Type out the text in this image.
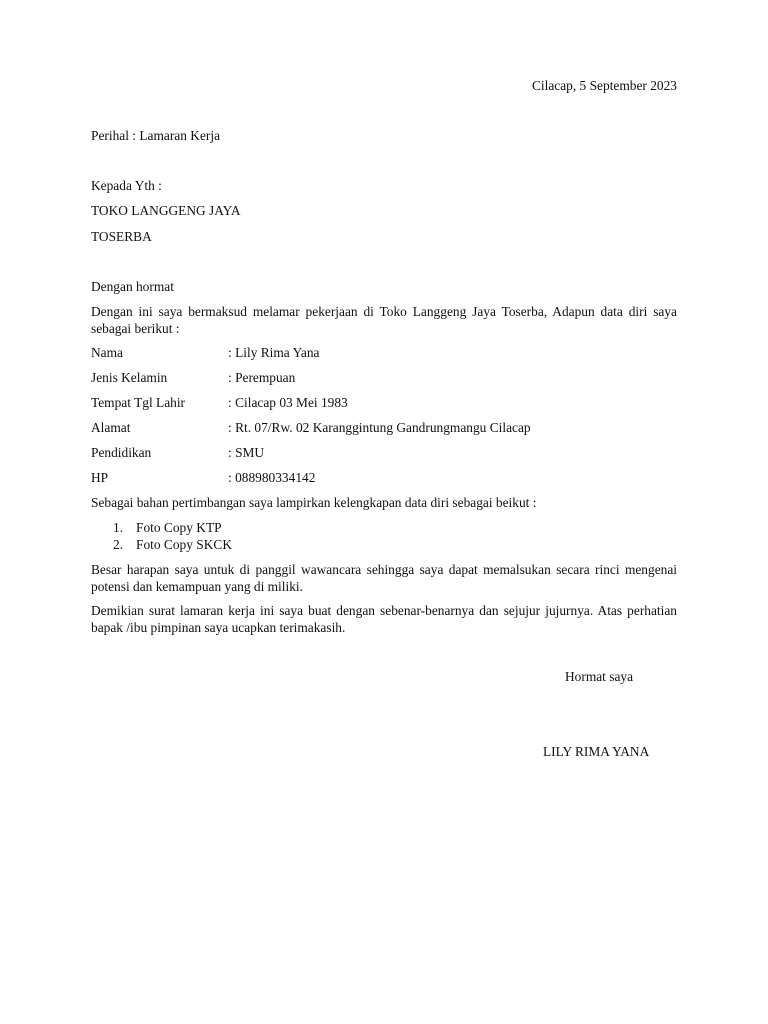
Cilacap, 5 September 2023
Perihal : Lamaran Kerja
Kepada Yth :
TOKO LANGGENG JAYA
TOSERBA
Dengan hormat
Dengan ini saya bermaksud melamar pekerjaan di Toko Langgeng Jaya Toserba, Adapun data diri saya sebagai berikut :
Nama	: Lily Rima Yana
Jenis Kelamin	: Perempuan
Tempat Tgl Lahir	: Cilacap 03 Mei 1983
Alamat	: Rt. 07/Rw. 02 Karanggintung Gandrungmangu Cilacap
Pendidikan	: SMU
HP	: 088980334142
Sebagai bahan pertimbangan saya lampirkan kelengkapan data diri sebagai beikut :
1. Foto Copy KTP
2. Foto Copy SKCK
Besar harapan saya untuk di panggil wawancara sehingga saya dapat memalsukan secara rinci mengenai potensi dan kemampuan yang di miliki.
Demikian surat lamaran kerja ini saya buat dengan sebenar-benarnya dan sejujur jujurnya. Atas perhatian bapak /ibu pimpinan saya ucapkan terimakasih.
Hormat saya
LILY RIMA YANA
